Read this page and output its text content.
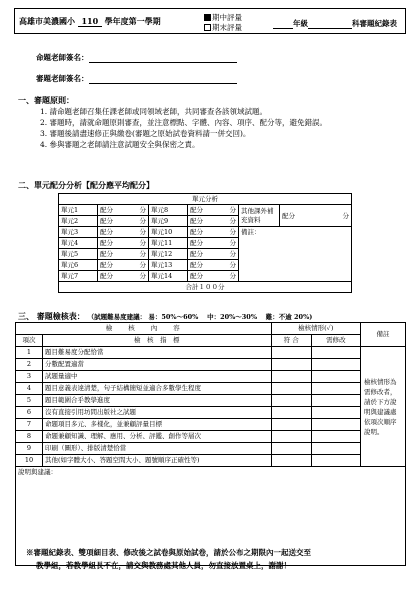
高雄市美濃國小 110 學年度第一學期	期中評量
期末評量	年級	科審題紀錄表
命題老師簽名：
審題老師簽名：
一、審題原則：
1. 請命題老師召集任課老師或同領域老師，共同審查各該領域試題。
2. 審題時，請就命題原則審查，並注意標點、字體、內容、項序、配分等，避免錯誤。
3. 審題後請盡速修正與繳卷(審題之原始試卷資料請一併交回)。
4. 參與審題之老師請注意試題安全與保密之責。
二、單元配分分析【配分應平均配分】
單元分析					
單元1	配分 分	單元8	配分 分	其他課外補充資料	配分 分

單元2	配分 分	單元9	配分 分		

單元3	配分 分	單元10	配分 分	備註：	
單元4	配分 分	單元11	配分 分		

單元5	配分 分	單元12	配分 分		

單元6	配分 分	單元13	配分 分		

單元7	配分 分	單元14	配分 分		

合計１００分					
三、 審題檢核表： （試題難易度建議： 易：50%～60%　 中：20%～30%　 難：不逾 20%)
檢　　核　　內　　容		檢核情形(✓)		備註
項次	檢　核　指　標	符 合	需修改	
1	題目難易度分配恰當			檢核情形為需修改者，請於下方說明與建議處依項次順序說明。
2	分數配置適當			
3	試題量適中			
4	題目意義表達清楚，句子結構簡短並適合多數學生程度			
5	題目範圍合乎教學進度			
6	沒有直接引用坊間出版社之試題			
7	命題項目多元、多樣化，並兼顧評量目標			
8	命題兼顧知識、理解、應用、分析、評鑑、創作等層次			
9	印刷（圖形）、排版清楚恰當			
10	其他(如字體大小、答題空間大小、題號順序正確性等)			
說明與建議：				
※審題紀錄表、雙項細目表、修改後之試卷與原始試卷，請於公布之期限內一起送交至
教學組，若教學組長不在，請交與教務處其他人員，勿直接放置桌上，謝謝！
